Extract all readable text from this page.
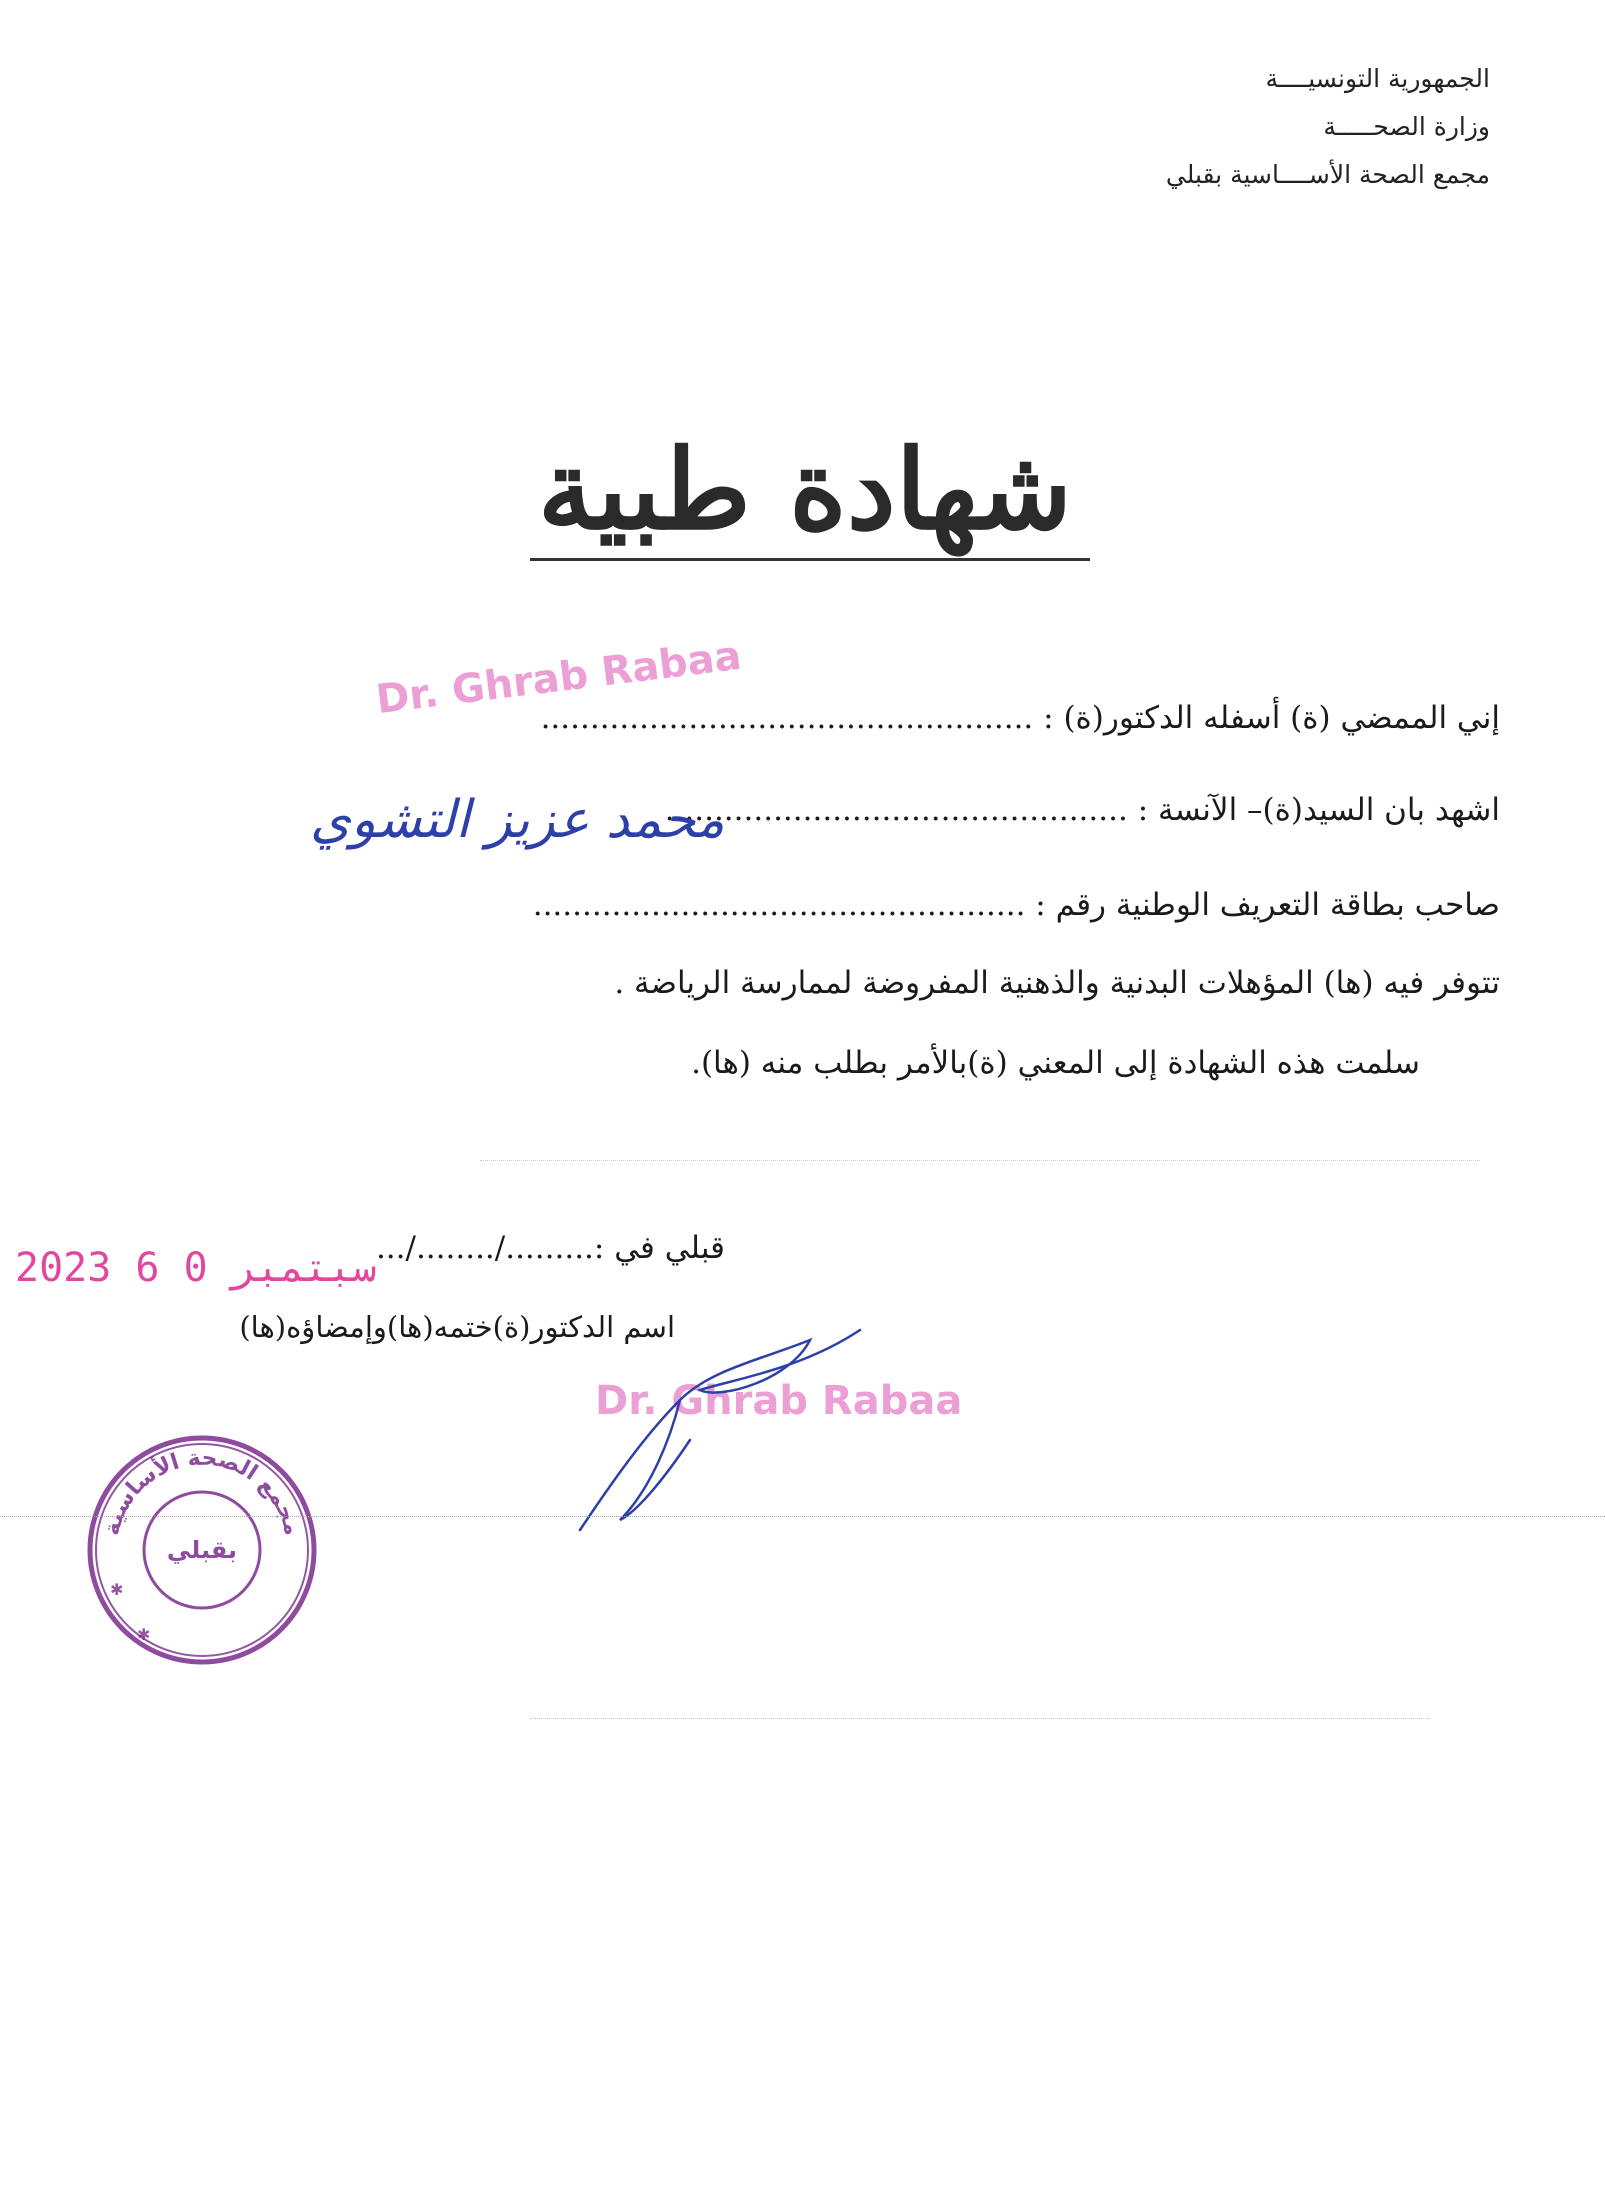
الجمهورية التونسيــــة
وزارة الصحـــــة
مجمع الصحة الأســــاسية بقبلي
شهادة طبية
Dr. Ghrab Rabaa	إني الممضي (ة) أسفله الدكتور(ة) : ..................................................
اشهد بان السيد(ة)– الآنسة : ...............................................
محمد عزيز التشوي
صاحب بطاقة التعريف الوطنية رقم : ..................................................
تتوفر فيه (ها) المؤهلات البدنية والذهنية المفروضة لممارسة الرياضة .
سلمت هذه الشهادة إلى المعني (ة)بالأمر بطلب منه (ها).
قبلي في :........./......../...
2023 سبتمبر 0 6
اسم الدكتور(ة)ختمه(ها)وإمضاؤه(ها)
Dr. Ghrab Rabaa
مجمع الصحة الأساسية
بقبلي
✱
✱
